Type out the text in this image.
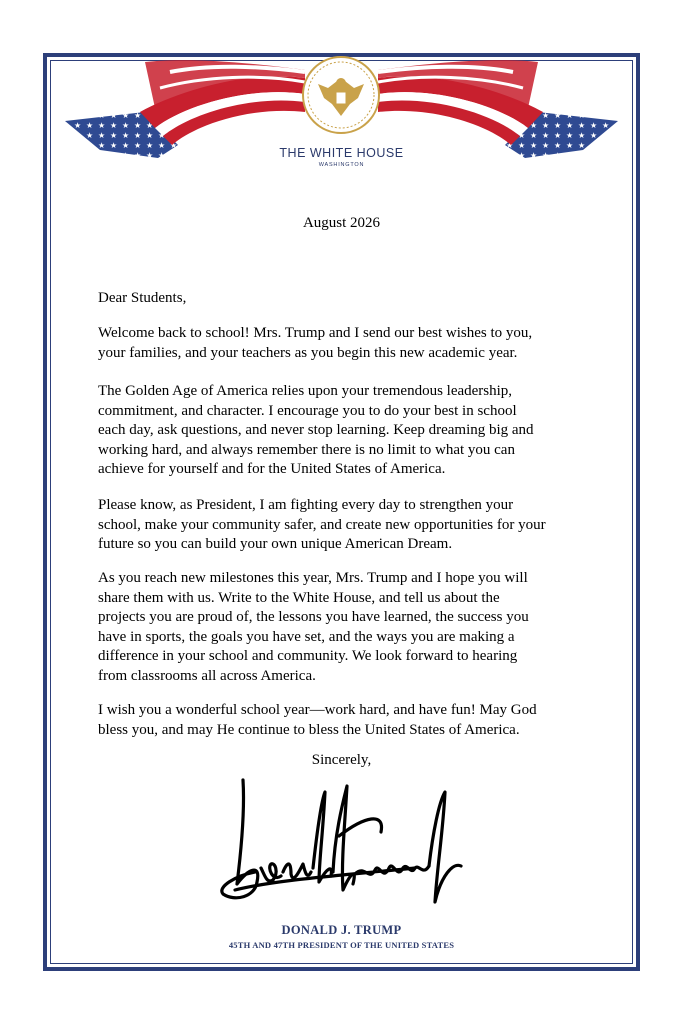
THE WHITE HOUSE
WASHINGTON
August 2026
Dear Students,

Welcome back to school! Mrs. Trump and I send our best wishes to you,

your families, and your teachers as you begin this new academic year.

The Golden Age of America relies upon your tremendous leadership,

commitment, and character. I encourage you to do your best in school

each day, ask questions, and never stop learning. Keep dreaming big and

working hard, and always remember there is no limit to what you can

achieve for yourself and for the United States of America.

Please know, as President, I am fighting every day to strengthen your

school, make your community safer, and create new opportunities for your

future so you can build your own unique American Dream.

As you reach new milestones this year, Mrs. Trump and I hope you will

share them with us. Write to the White House, and tell us about the

projects you are proud of, the lessons you have learned, the success you

have in sports, the goals you have set, and the ways you are making a

difference in your school and community. We look forward to hearing

from classrooms all across America.

I wish you a wonderful school year—work hard, and have fun! May God

bless you, and may He continue to bless the United States of America.

Sincerely,
DONALD J. TRUMP
45TH AND 47TH PRESIDENT OF THE UNITED STATES
